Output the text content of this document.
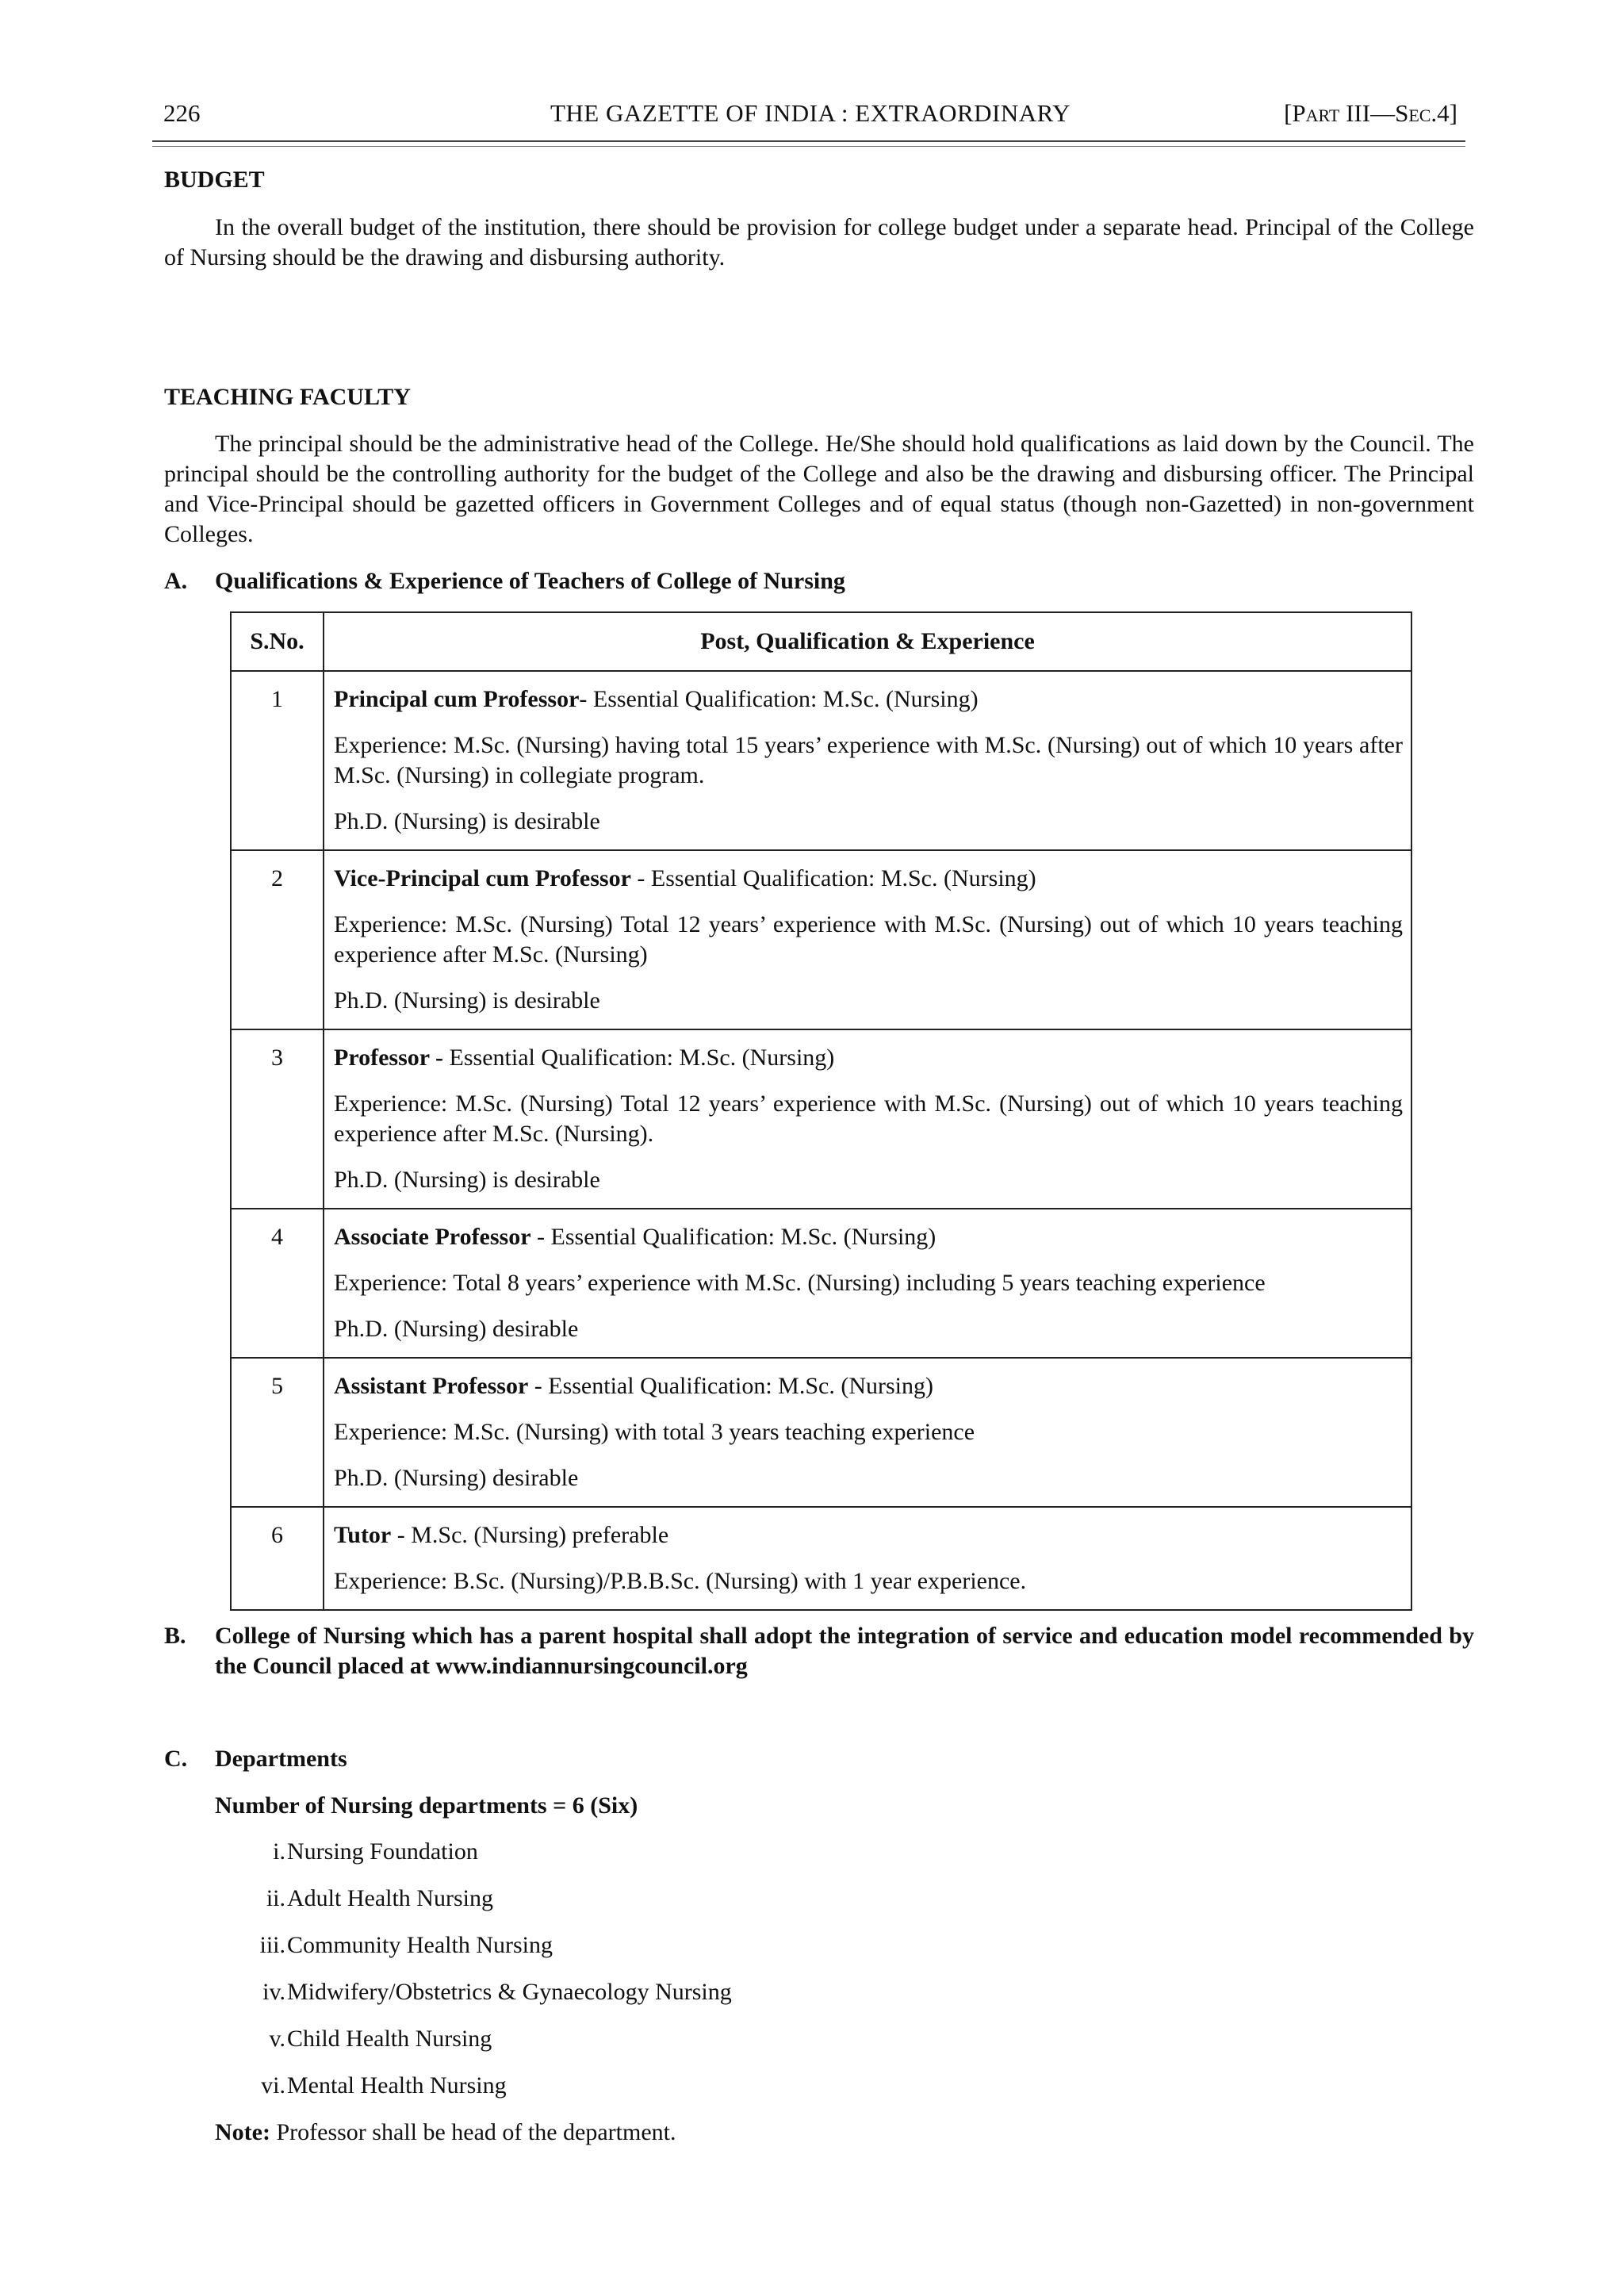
226	THE GAZETTE OF INDIA : EXTRAORDINARY	[Part III—Sec.4]
BUDGET
In the overall budget of the institution, there should be provision for college budget under a separate head. Principal of the College of Nursing should be the drawing and disbursing authority.
TEACHING FACULTY
The principal should be the administrative head of the College. He/She should hold qualifications as laid down by the Council. The principal should be the controlling authority for the budget of the College and also be the drawing and disbursing officer. The Principal and Vice-Principal should be gazetted officers in Government Colleges and of equal status (though non-Gazetted) in non-government Colleges.
A. Qualifications & Experience of Teachers of College of Nursing
S.No.	Post, Qualification & Experience
1	Principal cum Professor- Essential Qualification: M.Sc. (Nursing)
Experience: M.Sc. (Nursing) having total 15 years’ experience with M.Sc. (Nursing) out of which 10 years after M.Sc. (Nursing) in collegiate program.
Ph.D. (Nursing) is desirable

2	Vice-Principal cum Professor - Essential Qualification: M.Sc. (Nursing)
Experience: M.Sc. (Nursing) Total 12 years’ experience with M.Sc. (Nursing) out of which 10 years teaching experience after M.Sc. (Nursing)
Ph.D. (Nursing) is desirable

3	Professor - Essential Qualification: M.Sc. (Nursing)
Experience: M.Sc. (Nursing) Total 12 years’ experience with M.Sc. (Nursing) out of which 10 years teaching experience after M.Sc. (Nursing).
Ph.D. (Nursing) is desirable

4	Associate Professor - Essential Qualification: M.Sc. (Nursing)
Experience: Total 8 years’ experience with M.Sc. (Nursing) including 5 years teaching experience
Ph.D. (Nursing) desirable

5	Assistant Professor - Essential Qualification: M.Sc. (Nursing)
Experience: M.Sc. (Nursing) with total 3 years teaching experience
Ph.D. (Nursing) desirable

6	Tutor - M.Sc. (Nursing) preferable
Experience: B.Sc. (Nursing)/P.B.B.Sc. (Nursing) with 1 year experience.
B. College of Nursing which has a parent hospital shall adopt the integration of service and education model recommended by the Council placed at www.indiannursingcouncil.org
C. Departments
Number of Nursing departments = 6 (Six)
i. Nursing Foundation
ii. Adult Health Nursing
iii. Community Health Nursing
iv. Midwifery/Obstetrics & Gynaecology Nursing
v. Child Health Nursing
vi. Mental Health Nursing
Note: Professor shall be head of the department.
